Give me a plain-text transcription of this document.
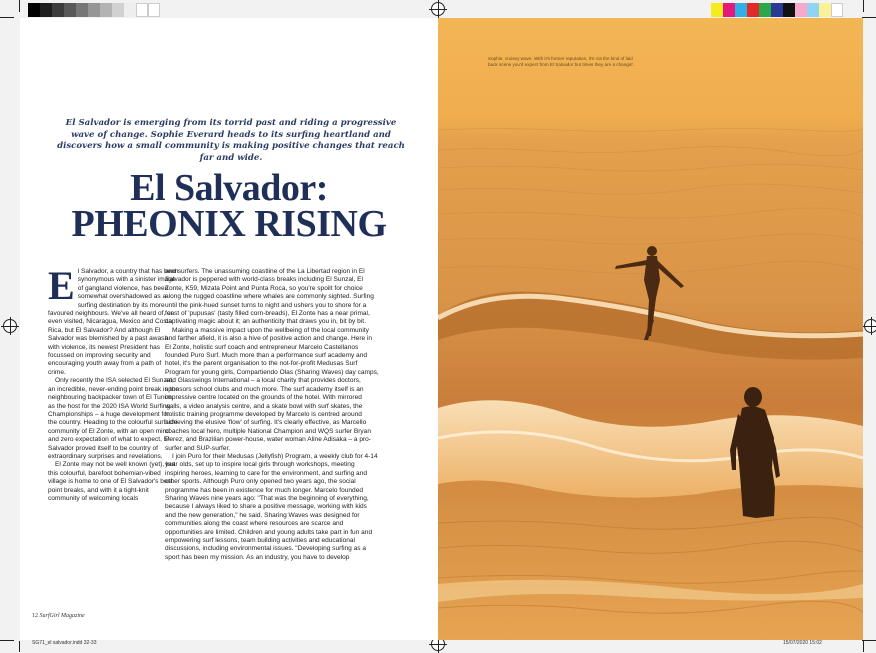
El Salvador is emerging from its torrid past and riding a progressive wave of change. Sophie Everard heads to its surfing heartland and discovers how a small community is making positive changes that reach far and wide.
El Salvador:
PHEONIX RISING

El Salvador, a country that has been synonymous with a sinister image of gangland violence, has been somewhat overshadowed as a surfing destination by its more favoured neighbours. We've all heard of, or even visited, Nicaragua, Mexico and Costa Rica, but El Salvador? And although El Salvador was blemished by a past awash with violence, its newest President has focussed on improving security and encouraging youth away from a path of crime.

Only recently the ISA selected El Sunzal, an incredible, never-ending point break in the neighbouring backpacker town of El Tunco, as the host for the 2020 ISA World Surfing Championships – a huge development for the country. Heading to the colourful surfside community of El Zonte, with an open mind and zero expectation of what to expect, El Salvador proved itself to be country of extraordinary surprises and revelations.

El Zonte may not be well known (yet), but this colourful, barefoot bohemian-vibed village is home to one of El Salvador's best point breaks, and with it a tight-knit community of welcoming locals

and surfers. The unassuming coastline of the La Libertad region in El Salvador is peppered with world-class breaks including El Sunzal, El Zonte, K59, Mizata Point and Punta Roca, so you're spoilt for choice along the rugged coastline where whales are commonly sighted. Surfing until the pink-hued sunset turns to night and ushers you to shore for a feast of 'pupusas' (tasty filled corn-breads), El Zonte has a near primal, captivating magic about it; an authenticity that draws you in, bit by bit.

Making a massive impact upon the wellbeing of the local community and farther afield, it is also a hive of positive action and change. Here in El Zonte, holistic surf coach and entrepreneur Marcelo Castellanos founded Puro Surf. Much more than a performance surf academy and hotel, it's the parent organisation to the not-for-profit Medusas Surf Program for young girls, Compartiendo Olas (Sharing Waves) day camps, and Glasswings International – a local charity that provides doctors, sponsors school clubs and much more. The surf academy itself is an impressive centre located on the grounds of the hotel. With mirrored walls, a video analysis centre, and a skate bowl with surf skates, the holistic training programme developed by Marcelo is centred around achieving the elusive 'flow' of surfing. It's clearly effective, as Marcello coaches local hero, multiple National Champion and WQS surfer Bryan Perez, and Brazilian power-house, water woman Aline Adisaka – a pro-surfer and SUP-surfer.

I join Puro for their Medusas (Jellyfish) Program, a weekly club for 4-14 year olds, set up to inspire local girls through workshops, meeting inspiring heroes, learning to care for the environment, and surfing and other sports. Although Puro only opened two years ago, the social programme has been in existence for much longer. Marcelo founded Sharing Waves nine years ago: "That was the beginning of everything, because I always liked to share a positive message, working with kids and the new generation," he said. Sharing Waves was designed for communities along the coast where resources are scarce and opportunities are limited. Children and young adults take part in fun and empowering surf lessons, team building activities and educational discussions, including environmental issues. "Developing surfing as a sport has been my mission. As an industry, you have to develop

12 SurfGirl Magazine
Sophie, cruisey wave. With it's former reputation, it's not the kind of laid back scene you'd expect from El Salvador but times they are a changin'.
SG71_el salvador.indd 32-33	15/07/2020 15:02
